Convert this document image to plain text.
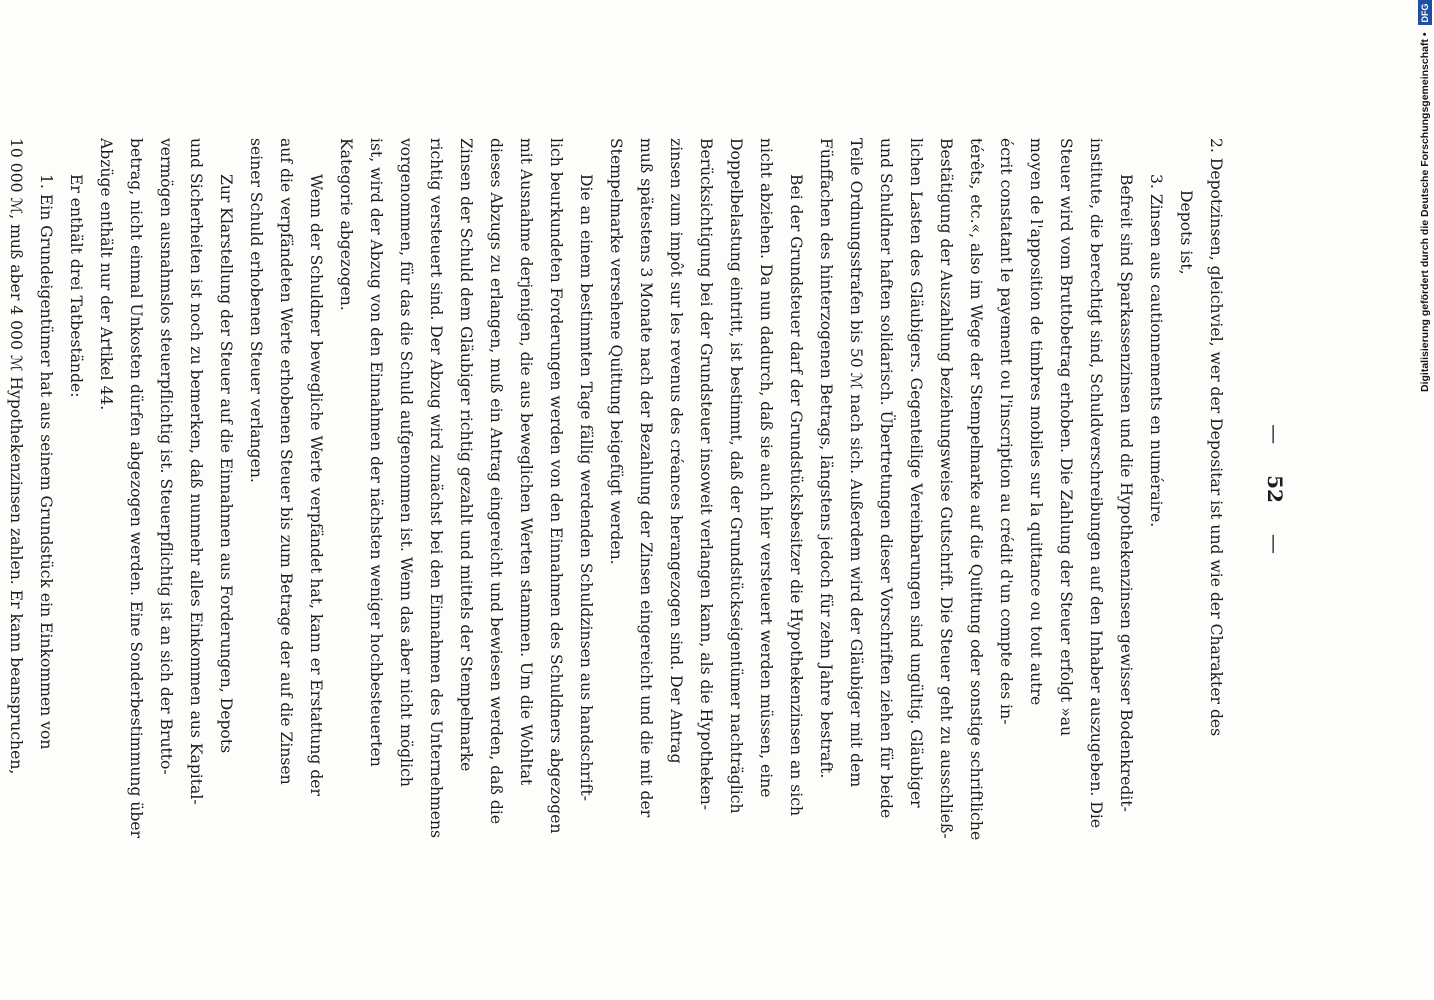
— 52 —
2. Depotzinsen, gleichviel, wer der Depositar ist und wie der Charakter des
Depots ist,
3. Zinsen aus cautionnements en numéraire.
Befreit sind Sparkassenzinsen und die Hypothekenzinsen gewisser Bodenkredit-
institute, die berechtigt sind, Schuldverschreibungen auf den Inhaber auszugeben. Die
Steuer wird vom Bruttobetrag erhoben. Die Zahlung der Steuer erfolgt »au
moyen de l'apposition de timbres mobiles sur la quittance ou tout autre
écrit constatant le payement ou l'inscription au crédit d'un compte des in-
térêts, etc.«, also im Wege der Stempelmarke auf die Quittung oder sonstige schriftliche
Bestätigung der Auszahlung beziehungsweise Gutschrift. Die Steuer geht zu ausschließ-
lichen Lasten des Gläubigers. Gegenteilige Vereinbarungen sind ungültig. Gläubiger
und Schuldner haften solidarisch. Übertretungen dieser Vorschriften ziehen für beide
Teile Ordnungsstrafen bis 50 ℳ nach sich. Außerdem wird der Gläubiger mit dem
Fünffachen des hinterzogenen Betrags, längstens jedoch für zehn Jahre bestraft.
Bei der Grundsteuer darf der Grundstücksbesitzer die Hypothekenzinsen an sich
nicht abziehen. Da nun dadurch, daß sie auch hier versteuert werden müssen, eine
Doppelbelastung eintritt, ist bestimmt, daß der Grundstückseigentümer nachträglich
Berücksichtigung bei der Grundsteuer insoweit verlangen kann, als die Hypotheken-
zinsen zum impôt sur les revenus des créances herangezogen sind. Der Antrag
muß spätestens 3 Monate nach der Bezahlung der Zinsen eingereicht und die mit der
Stempelmarke versehene Quittung beigefügt werden.
Die an einem bestimmten Tage fällig werdenden Schuldzinsen aus handschrift-
lich beurkundeten Forderungen werden von den Einnahmen des Schuldners abgezogen
mit Ausnahme derjenigen, die aus beweglichen Werten stammen. Um die Wohltat
dieses Abzugs zu erlangen, muß ein Antrag eingereicht und bewiesen werden, daß die
Zinsen der Schuld dem Gläubiger richtig gezahlt und mittels der Stempelmarke
richtig versteuert sind. Der Abzug wird zunächst bei den Einnahmen des Unternehmens
vorgenommen, für das die Schuld aufgenommen ist. Wenn das aber nicht möglich
ist, wird der Abzug von den Einnahmen der nächsten weniger hochbesteuerten
Kategorie abgezogen.
Wenn der Schuldner bewegliche Werte verpfändet hat, kann er Erstattung der
auf die verpfändeten Werte erhobenen Steuer bis zum Betrage der auf die Zinsen
seiner Schuld erhobenen Steuer verlangen.
Zur Klarstellung der Steuer auf die Einnahmen aus Forderungen, Depots
und Sicherheiten ist noch zu bemerken, daß nunmehr alles Einkommen aus Kapital-
vermögen ausnahmslos steuerpflichtig ist. Steuerpflichtig ist an sich der Brutto-
betrag, nicht einmal Unkosten dürfen abgezogen werden. Eine Sonderbestimmung über
Abzüge enthält nur der Artikel 44.
Er enthält drei Tatbestände:
1. Ein Grundeigentümer hat aus seinem Grundstück ein Einkommen von
10 000 ℳ, muß aber 4 000 ℳ Hypothekenzinsen zahlen. Er kann beanspruchen,	Digitalisierung gefördert durch die Deutsche Forschungsgemeinschaft • DFG
